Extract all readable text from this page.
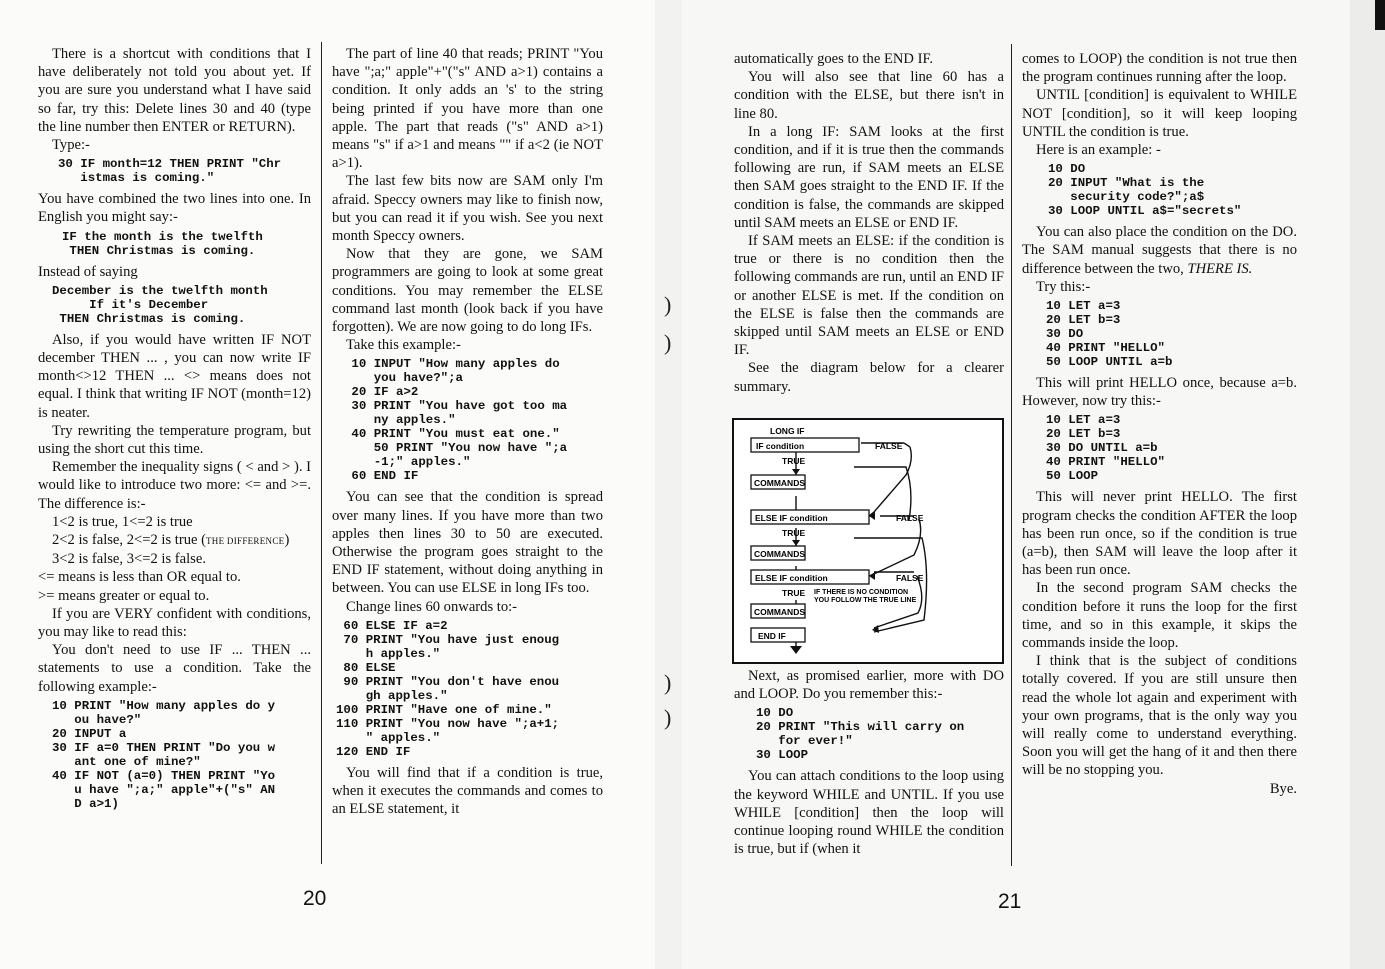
There is a shortcut with conditions that I have deliberately not told you about yet. If you are sure you understand what I have said so far, try this: Delete lines 30 and 40 (type the line number then ENTER or RETURN).

Type:-

30 IF month=12 THEN PRINT "Chr
istmas is coming."

You have combined the two lines into one. In English you might say:-

IF the month is the twelfth
THEN Christmas is coming.

Instead of saying

December is the twelfth month
If it's December
THEN Christmas is coming.

Also, if you would have written IF NOT december THEN ... , you can now write IF month<>12 THEN ... <> means does not equal. I think that writing IF NOT (month=12) is neater.

Try rewriting the temperature program, but using the short cut this time.

Remember the inequality signs ( < and > ). I would like to introduce two more: <= and >=. The difference is:-

1<2 is true, 1<=2 is true

2<2 is false, 2<=2 is true (THE DIFFERENCE)

3<2 is false, 3<=2 is false.

<= means is less than OR equal to.

>= means greater or equal to.

If you are VERY confident with conditions, you may like to read this:

You don't need to use IF ... THEN ... statements to use a condition. Take the following example:-

10 PRINT "How many apples do y
ou have?"
20 INPUT a
30 IF a=0 THEN PRINT "Do you w
ant one of mine?"
40 IF NOT (a=0) THEN PRINT "Yo
u have ";a;" apple"+("s" AN
D a>1)

The part of line 40 that reads; PRINT "You have ";a;" apple"+"("s" AND a>1) contains a condition. It only adds an 's' to the string being printed if you have more than one apple. The part that reads ("s" AND a>1) means "s" if a>1 and means "" if a<2 (ie NOT a>1).

The last few bits now are SAM only I'm afraid. Speccy owners may like to finish now, but you can read it if you wish. See you next month Speccy owners.

Now that they are gone, we SAM programmers are going to look at some great conditions. You may remember the ELSE command last month (look back if you have forgotten). We are now going to do long IFs.

Take this example:-

10 INPUT "How many apples do
you have?";a
20 IF a>2
30 PRINT "You have got too ma
ny apples."
40 PRINT "You must eat one."
50 PRINT "You now have ";a
-1;" apples."
60 END IF

You can see that the condition is spread over many lines. If you have more than two apples then lines 30 to 50 are executed. Otherwise the program goes straight to the END IF statement, without doing anything in between. You can use ELSE in long IFs too.

Change lines 60 onwards to:-

60 ELSE IF a=2
70 PRINT "You have just enoug
h apples."
80 ELSE
90 PRINT "You don't have enou
gh apples."
100 PRINT "Have one of mine."
110 PRINT "You now have ";a+1;
" apples."
120 END IF

You will find that if a condition is true, when it executes the commands and comes to an ELSE statement, it

20
)
)
)
)

automatically goes to the END IF.

You will also see that line 60 has a condition with the ELSE, but there isn't in line 80.

In a long IF: SAM looks at the first condition, and if it is true then the commands following are run, if SAM meets an ELSE then SAM goes straight to the END IF. If the condition is false, the commands are skipped until SAM meets an ELSE or END IF.

If SAM meets an ELSE: if the condition is true or there is no condition then the following commands are run, until an END IF or another ELSE is met. If the condition on the ELSE is false then the commands are skipped until SAM meets an ELSE or END IF.

See the diagram below for a clearer summary.

LONG IF
IF condition	FALSE
TRUE
COMMANDS
ELSE IF condition	FALSE
TRUE
COMMANDS
ELSE IF condition	FALSE
TRUE IF THERE IS NO CONDITION
YOU FOLLOW THE TRUE LINE
COMMANDS
END IF

Next, as promised earlier, more with DO and LOOP. Do you remember this:-

10 DO
20 PRINT "This will carry on
for ever!"
30 LOOP

You can attach conditions to the loop using the keyword WHILE and UNTIL. If you use WHILE [condition] then the loop will continue looping round WHILE the condition is true, but if (when it

comes to LOOP) the condition is not true then the program continues running after the loop.

UNTIL [condition] is equivalent to WHILE NOT [condition], so it will keep looping UNTIL the condition is true.

Here is an example: -

10 DO
20 INPUT "What is the
security code?";a$
30 LOOP UNTIL a$="secrets"

You can also place the condition on the DO. The SAM manual suggests that there is no difference between the two, THERE IS.

Try this:-

10 LET a=3
20 LET b=3
30 DO
40 PRINT "HELLO"
50 LOOP UNTIL a=b

This will print HELLO once, because a=b. However, now try this:-

10 LET a=3
20 LET b=3
30 DO UNTIL a=b
40 PRINT "HELLO"
50 LOOP

This will never print HELLO. The first program checks the condition AFTER the loop has been run once, so if the condition is true (a=b), then SAM will leave the loop after it has been run once.

In the second program SAM checks the condition before it runs the loop for the first time, and so in this example, it skips the commands inside the loop.

I think that is the subject of conditions totally covered. If you are still unsure then read the whole lot again and experiment with your own programs, that is the only way you will really come to understand everything. Soon you will get the hang of it and then there will be no stopping you.

Bye.

21
